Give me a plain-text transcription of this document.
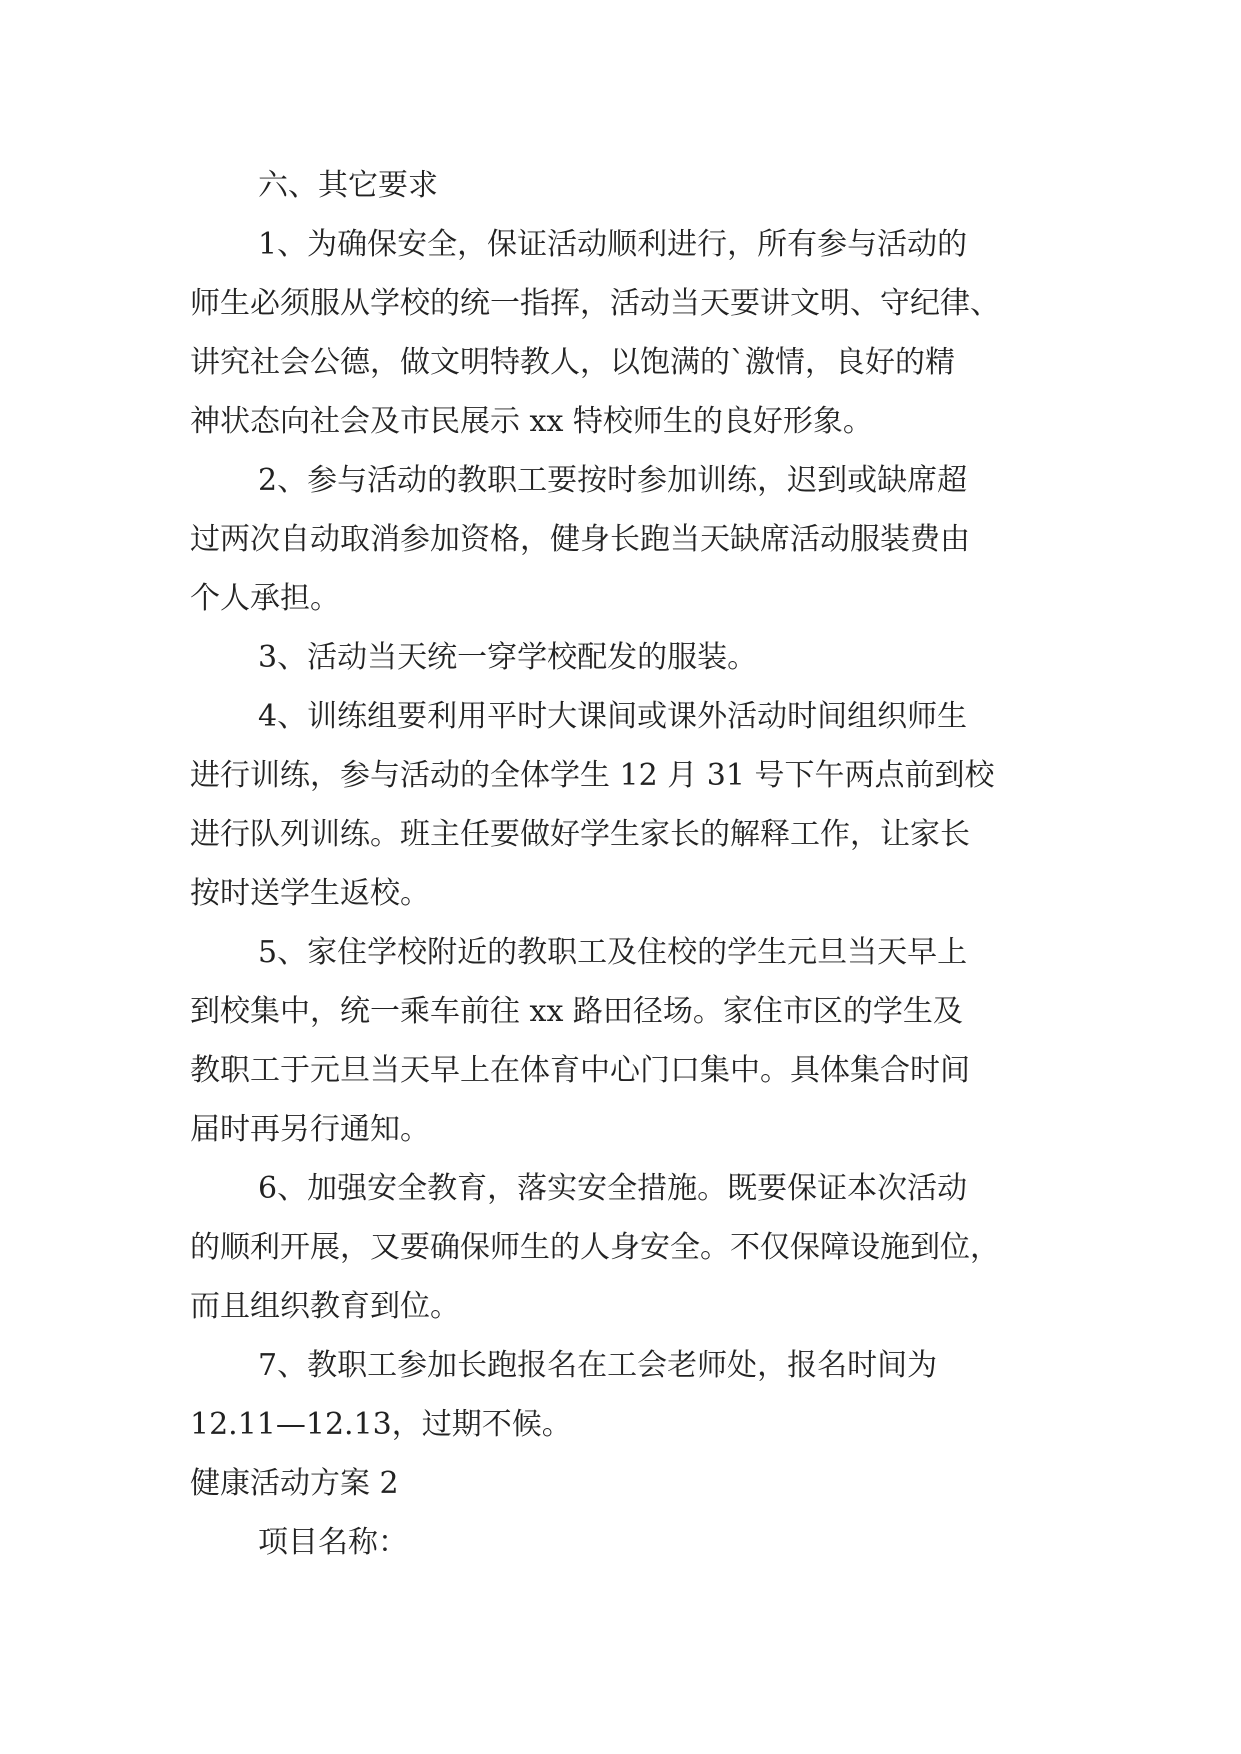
六、其它要求
1、为确保安全，保证活动顺利进行，所有参与活动的
师生必须服从学校的统一指挥，活动当天要讲文明、守纪律、
讲究社会公德，做文明特教人，以饱满的`激情，良好的精
神状态向社会及市民展示 xx 特校师生的良好形象。
2、参与活动的教职工要按时参加训练，迟到或缺席超
过两次自动取消参加资格，健身长跑当天缺席活动服装费由
个人承担。
3、活动当天统一穿学校配发的服装。
4、训练组要利用平时大课间或课外活动时间组织师生
进行训练，参与活动的全体学生 12 月 31 号下午两点前到校
进行队列训练。班主任要做好学生家长的解释工作，让家长
按时送学生返校。
5、家住学校附近的教职工及住校的学生元旦当天早上
到校集中，统一乘车前往 xx 路田径场。家住市区的学生及
教职工于元旦当天早上在体育中心门口集中。具体集合时间
届时再另行通知。
6、加强安全教育，落实安全措施。既要保证本次活动
的顺利开展，又要确保师生的人身安全。不仅保障设施到位，
而且组织教育到位。
7、教职工参加长跑报名在工会老师处，报名时间为
12.11—12.13，过期不候。
健康活动方案 2
项目名称：
